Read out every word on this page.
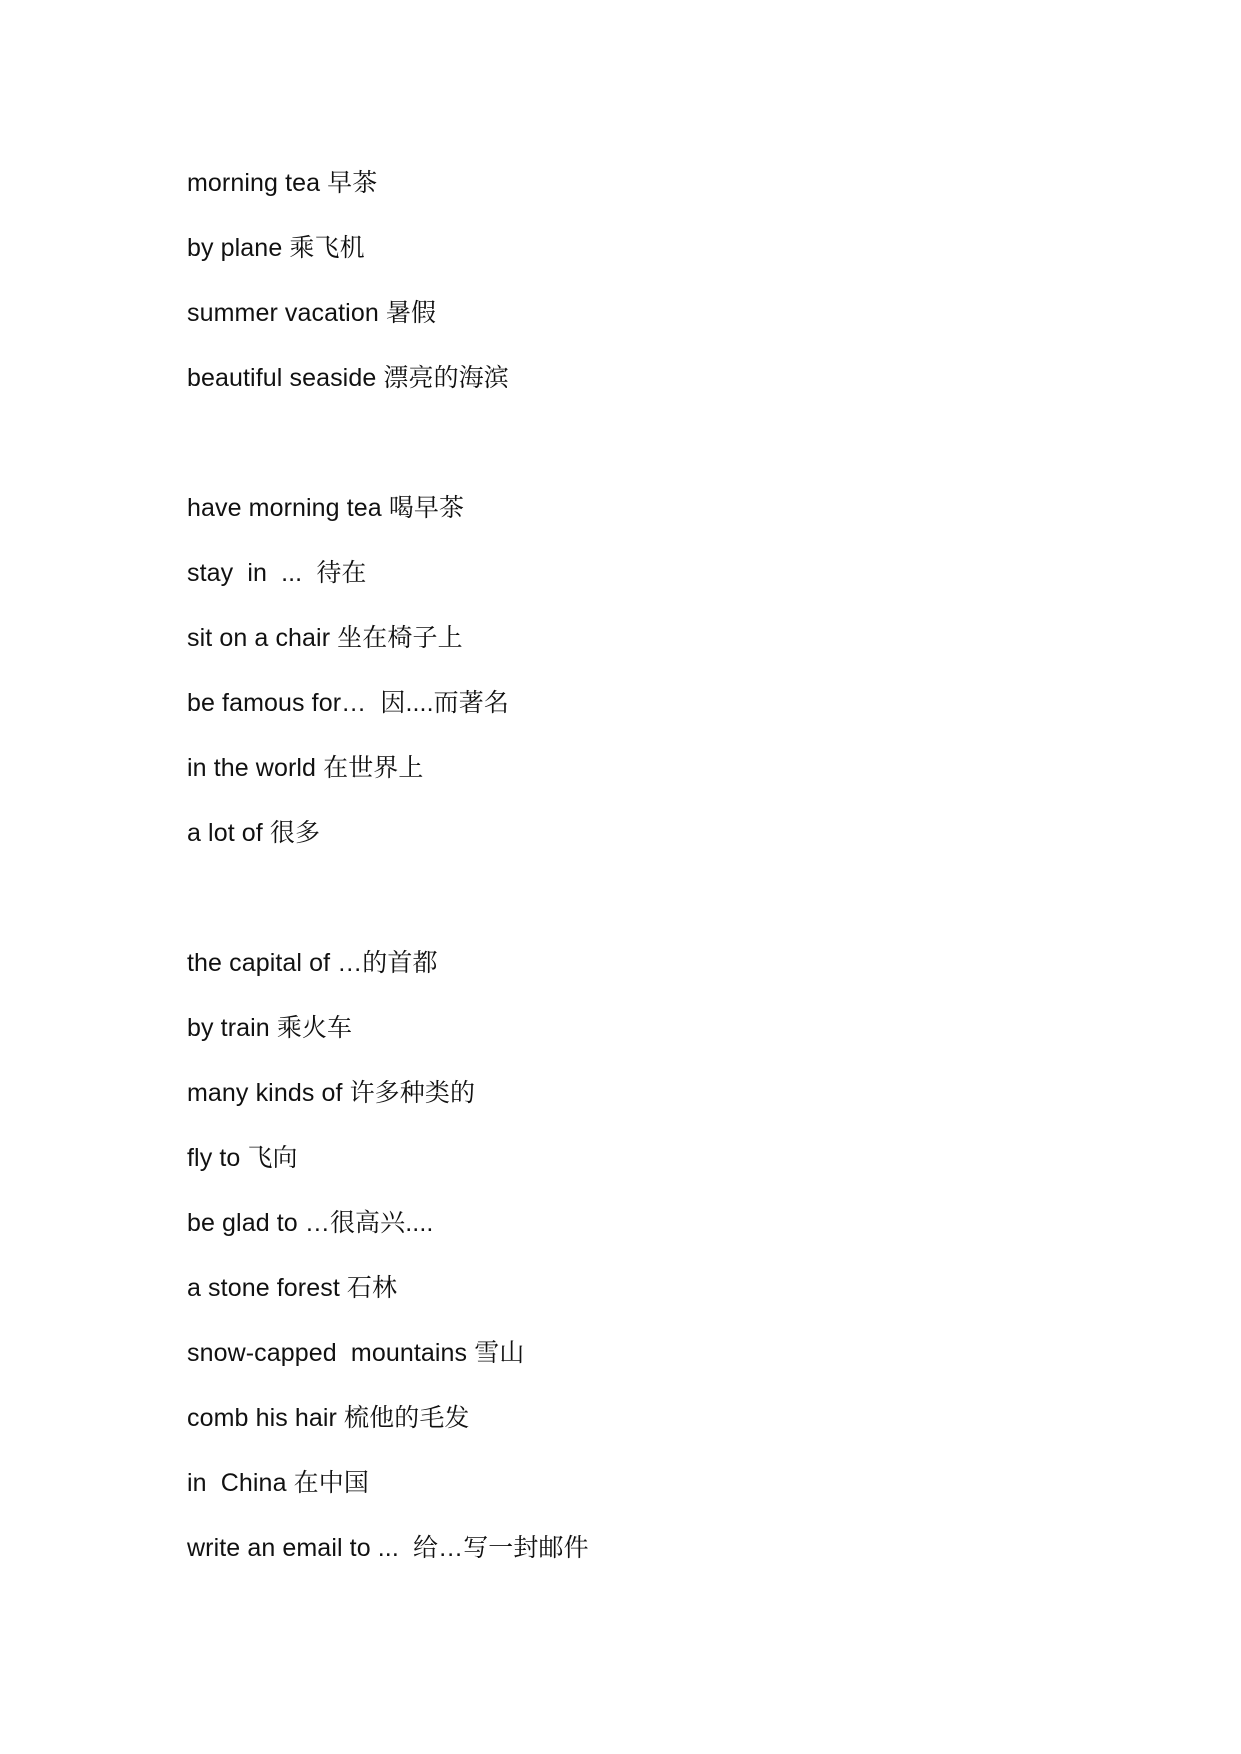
morning tea 早茶
by plane 乘飞机
summer vacation 暑假
beautiful seaside 漂亮的海滨
have morning tea 喝早茶
stay  in  ...  待在
sit on a chair 坐在椅子上
be famous for…  因....而著名
in the world 在世界上
a lot of 很多
the capital of …的首都
by train 乘火车
many kinds of 许多种类的
fly to 飞向
be glad to …很高兴....
a stone forest 石林
snow-capped  mountains 雪山
comb his hair 梳他的毛发
in  China 在中国
write an email to ...  给…写一封邮件
